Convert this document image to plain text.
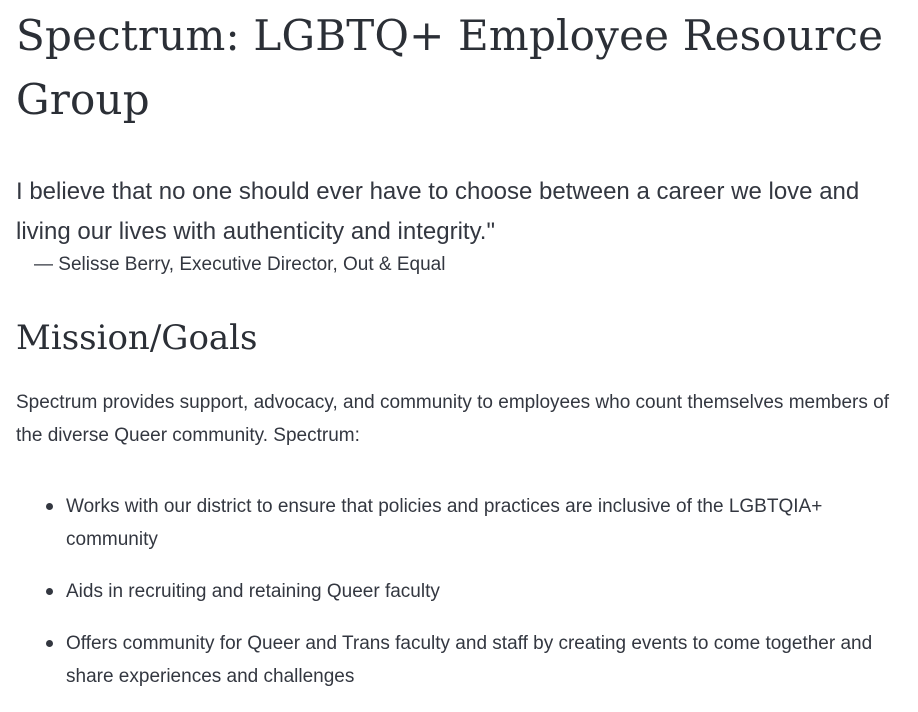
Spectrum: LGBTQ+ Employee Resource Group

I believe that no one should ever have to choose between a career we love and living our lives with authenticity and integrity."

— Selisse Berry, Executive Director, Out & Equal

Mission/Goals

Spectrum provides support, advocacy, and community to employees who count themselves members of the diverse Queer community. Spectrum:

Works with our district to ensure that policies and practices are inclusive of the LGBTQIA+ community
Aids in recruiting and retaining Queer faculty
Offers community for Queer and Trans faculty and staff by creating events to come together and share experiences and challenges
